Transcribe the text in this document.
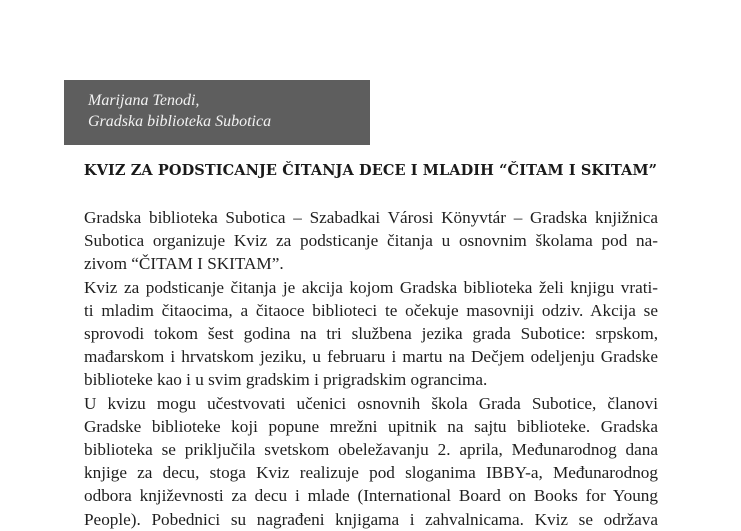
Marijana Tenodi,
Gradska biblioteka Subotica
KVIZ ZA PODSTICANJE ČITANJA DECE I MLADIH “ČITAM I SKITAM”
Gradska biblioteka Subotica – Szabadkai Városi Könyvtár – Gradska knjižnica
Subotica organizuje Kviz za podsticanje čitanja u osnovnim školama pod na-
zivom “ČITAM I SKITAM”.
Kviz za podsticanje čitanja je akcija kojom Gradska biblioteka želi knjigu vrati-
ti mladim čitaocima, a čitaoce biblioteci te očekuje masovniji odziv. Akcija se
sprovodi tokom šest godina na tri službena jezika grada Subotice: srpskom,
mađarskom i hrvatskom jeziku, u februaru i martu na Dečjem odeljenju Gradske
biblioteke kao i u svim gradskim i prigradskim ograncima.
U kvizu mogu učestvovati učenici osnovnih škola Grada Subotice, članovi
Gradske biblioteke koji popune mrežni upitnik na sajtu biblioteke. Gradska
biblioteka se priključila svetskom obeležavanju 2. aprila, Međunarodnog dana
knjige za decu, stoga Kviz realizuje pod sloganima IBBY-a, Međunarodnog
odbora književnosti za decu i mlade (International Board on Books for Young
People). Pobednici su nagrađeni knjigama i zahvalnicama. Kviz se održava
